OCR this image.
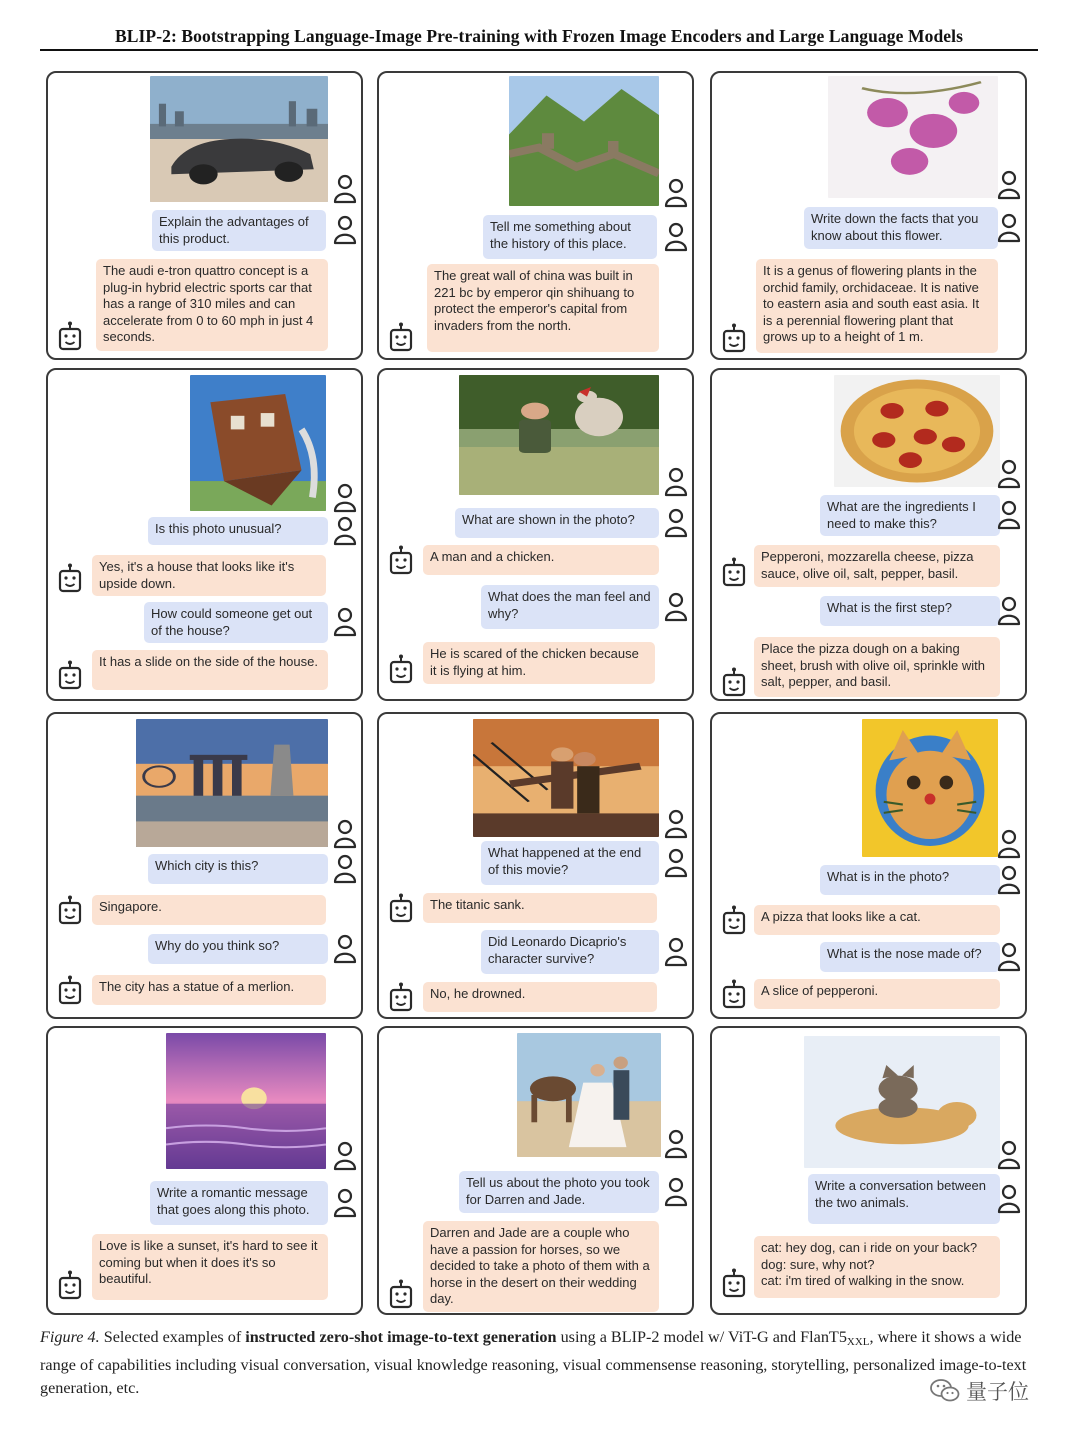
BLIP-2: Bootstrapping Language-Image Pre-training with Frozen Image Encoders and Large Language Models
Explain the advantages of this product.
The audi e-tron quattro concept is a plug-in hybrid electric sports car that has a range of 310 miles and can accelerate from 0 to 60 mph in just 4 seconds.
Tell me something about the history of this place.
The great wall of china was built in 221 bc by emperor qin shihuang to protect the emperor's capital from invaders from the north.
Write down the facts that you know about this flower.
It is a genus of flowering plants in the orchid family, orchidaceae. It is native to eastern asia and south east asia. It is a perennial flowering plant that grows up to a height of 1 m.
Is this photo unusual?
Yes, it's a house that looks like it's upside down.
How could someone get out of the house?
It has a slide on the side of the house.
What are shown in the photo?
A man and a chicken.
What does the man feel and why?
He is scared of the chicken because it is flying at him.
What are the ingredients I need to make this?
Pepperoni, mozzarella cheese, pizza sauce, olive oil, salt, pepper, basil.
What is the first step?
Place the pizza dough on a baking sheet, brush with olive oil, sprinkle with salt, pepper, and basil.
Which city is this?
Singapore.
Why do you think so?
The city has a statue of a merlion.
What happened at the end of this movie?
The titanic sank.
Did Leonardo Dicaprio's character survive?
No, he drowned.
What is in the photo?
A pizza that looks like a cat.
What is the nose made of?
A slice of pepperoni.
Write a romantic message that goes along this photo.
Love is like a sunset, it's hard to see it coming but when it does it's so beautiful.
Tell us about the photo you took for Darren and Jade.
Darren and Jade are a couple who have a passion for horses, so we decided to take a photo of them with a horse in the desert on their wedding day.
Write a conversation between the two animals.
cat: hey dog, can i ride on your back?
dog: sure, why not?
cat: i'm tired of walking in the snow.
Figure 4. Selected examples of instructed zero-shot image-to-text generation using a BLIP-2 model w/ ViT-G and $FlanT5_{XXL}$, where it shows a wide range of capabilities including visual conversation, visual knowledge reasoning, visual commensense reasoning, storytelling, personalized image-to-text generation, etc.	量子位
